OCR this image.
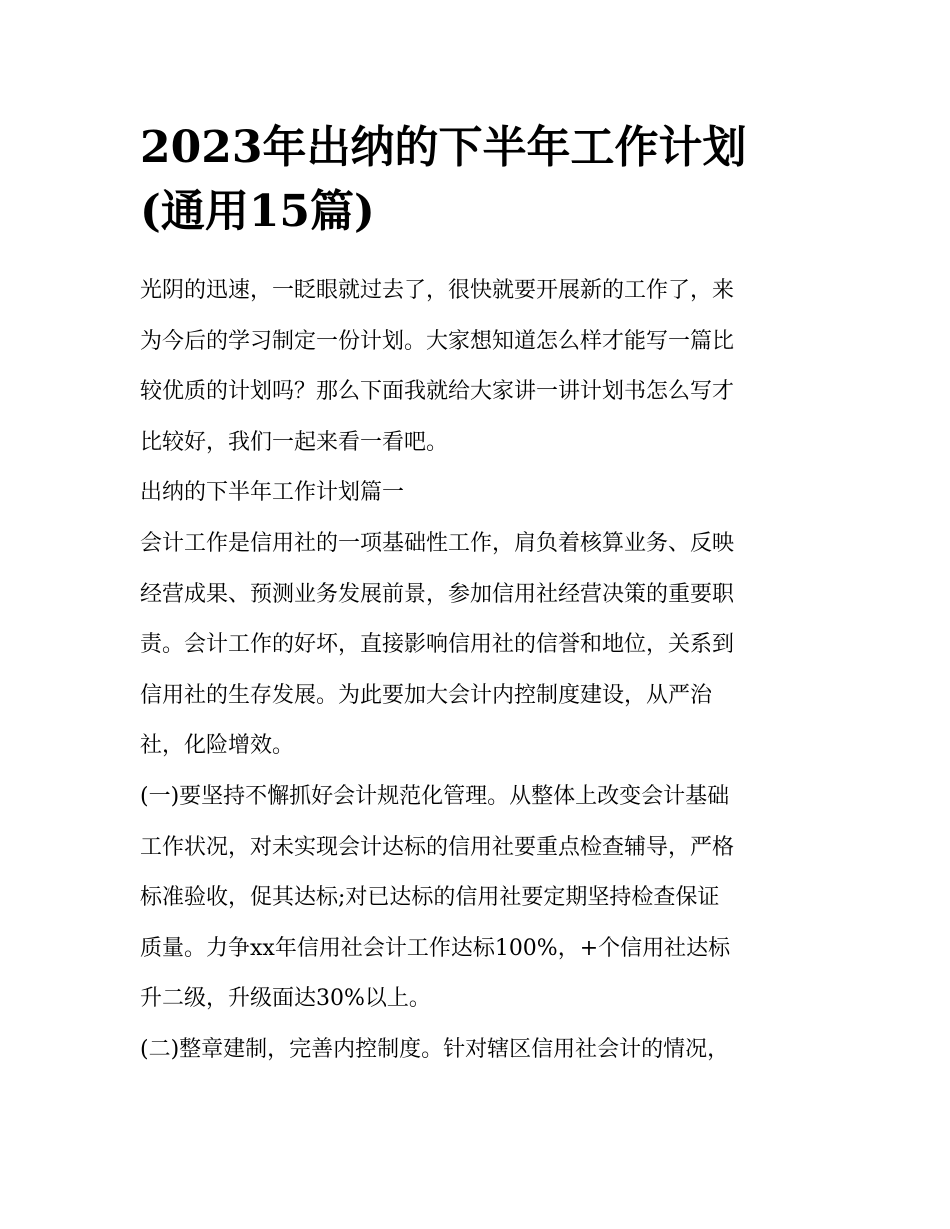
2023年出纳的下半年工作计划
(通用15篇)
光阴的迅速，一眨眼就过去了，很快就要开展新的工作了，来
为今后的学习制定一份计划。大家想知道怎么样才能写一篇比
较优质的计划吗？那么下面我就给大家讲一讲计划书怎么写才
比较好，我们一起来看一看吧。
出纳的下半年工作计划篇一
会计工作是信用社的一项基础性工作，肩负着核算业务、反映
经营成果、预测业务发展前景，参加信用社经营决策的重要职
责。会计工作的好坏，直接影响信用社的信誉和地位，关系到
信用社的生存发展。为此要加大会计内控制度建设，从严治
社，化险增效。
(一)要坚持不懈抓好会计规范化管理。从整体上改变会计基础
工作状况，对未实现会计达标的信用社要重点检查辅导，严格
标准验收，促其达标;对已达标的信用社要定期坚持检查保证
质量。力争xx年信用社会计工作达标100%，+个信用社达标
升二级，升级面达30%以上。
(二)整章建制，完善内控制度。针对辖区信用社会计的情况，
